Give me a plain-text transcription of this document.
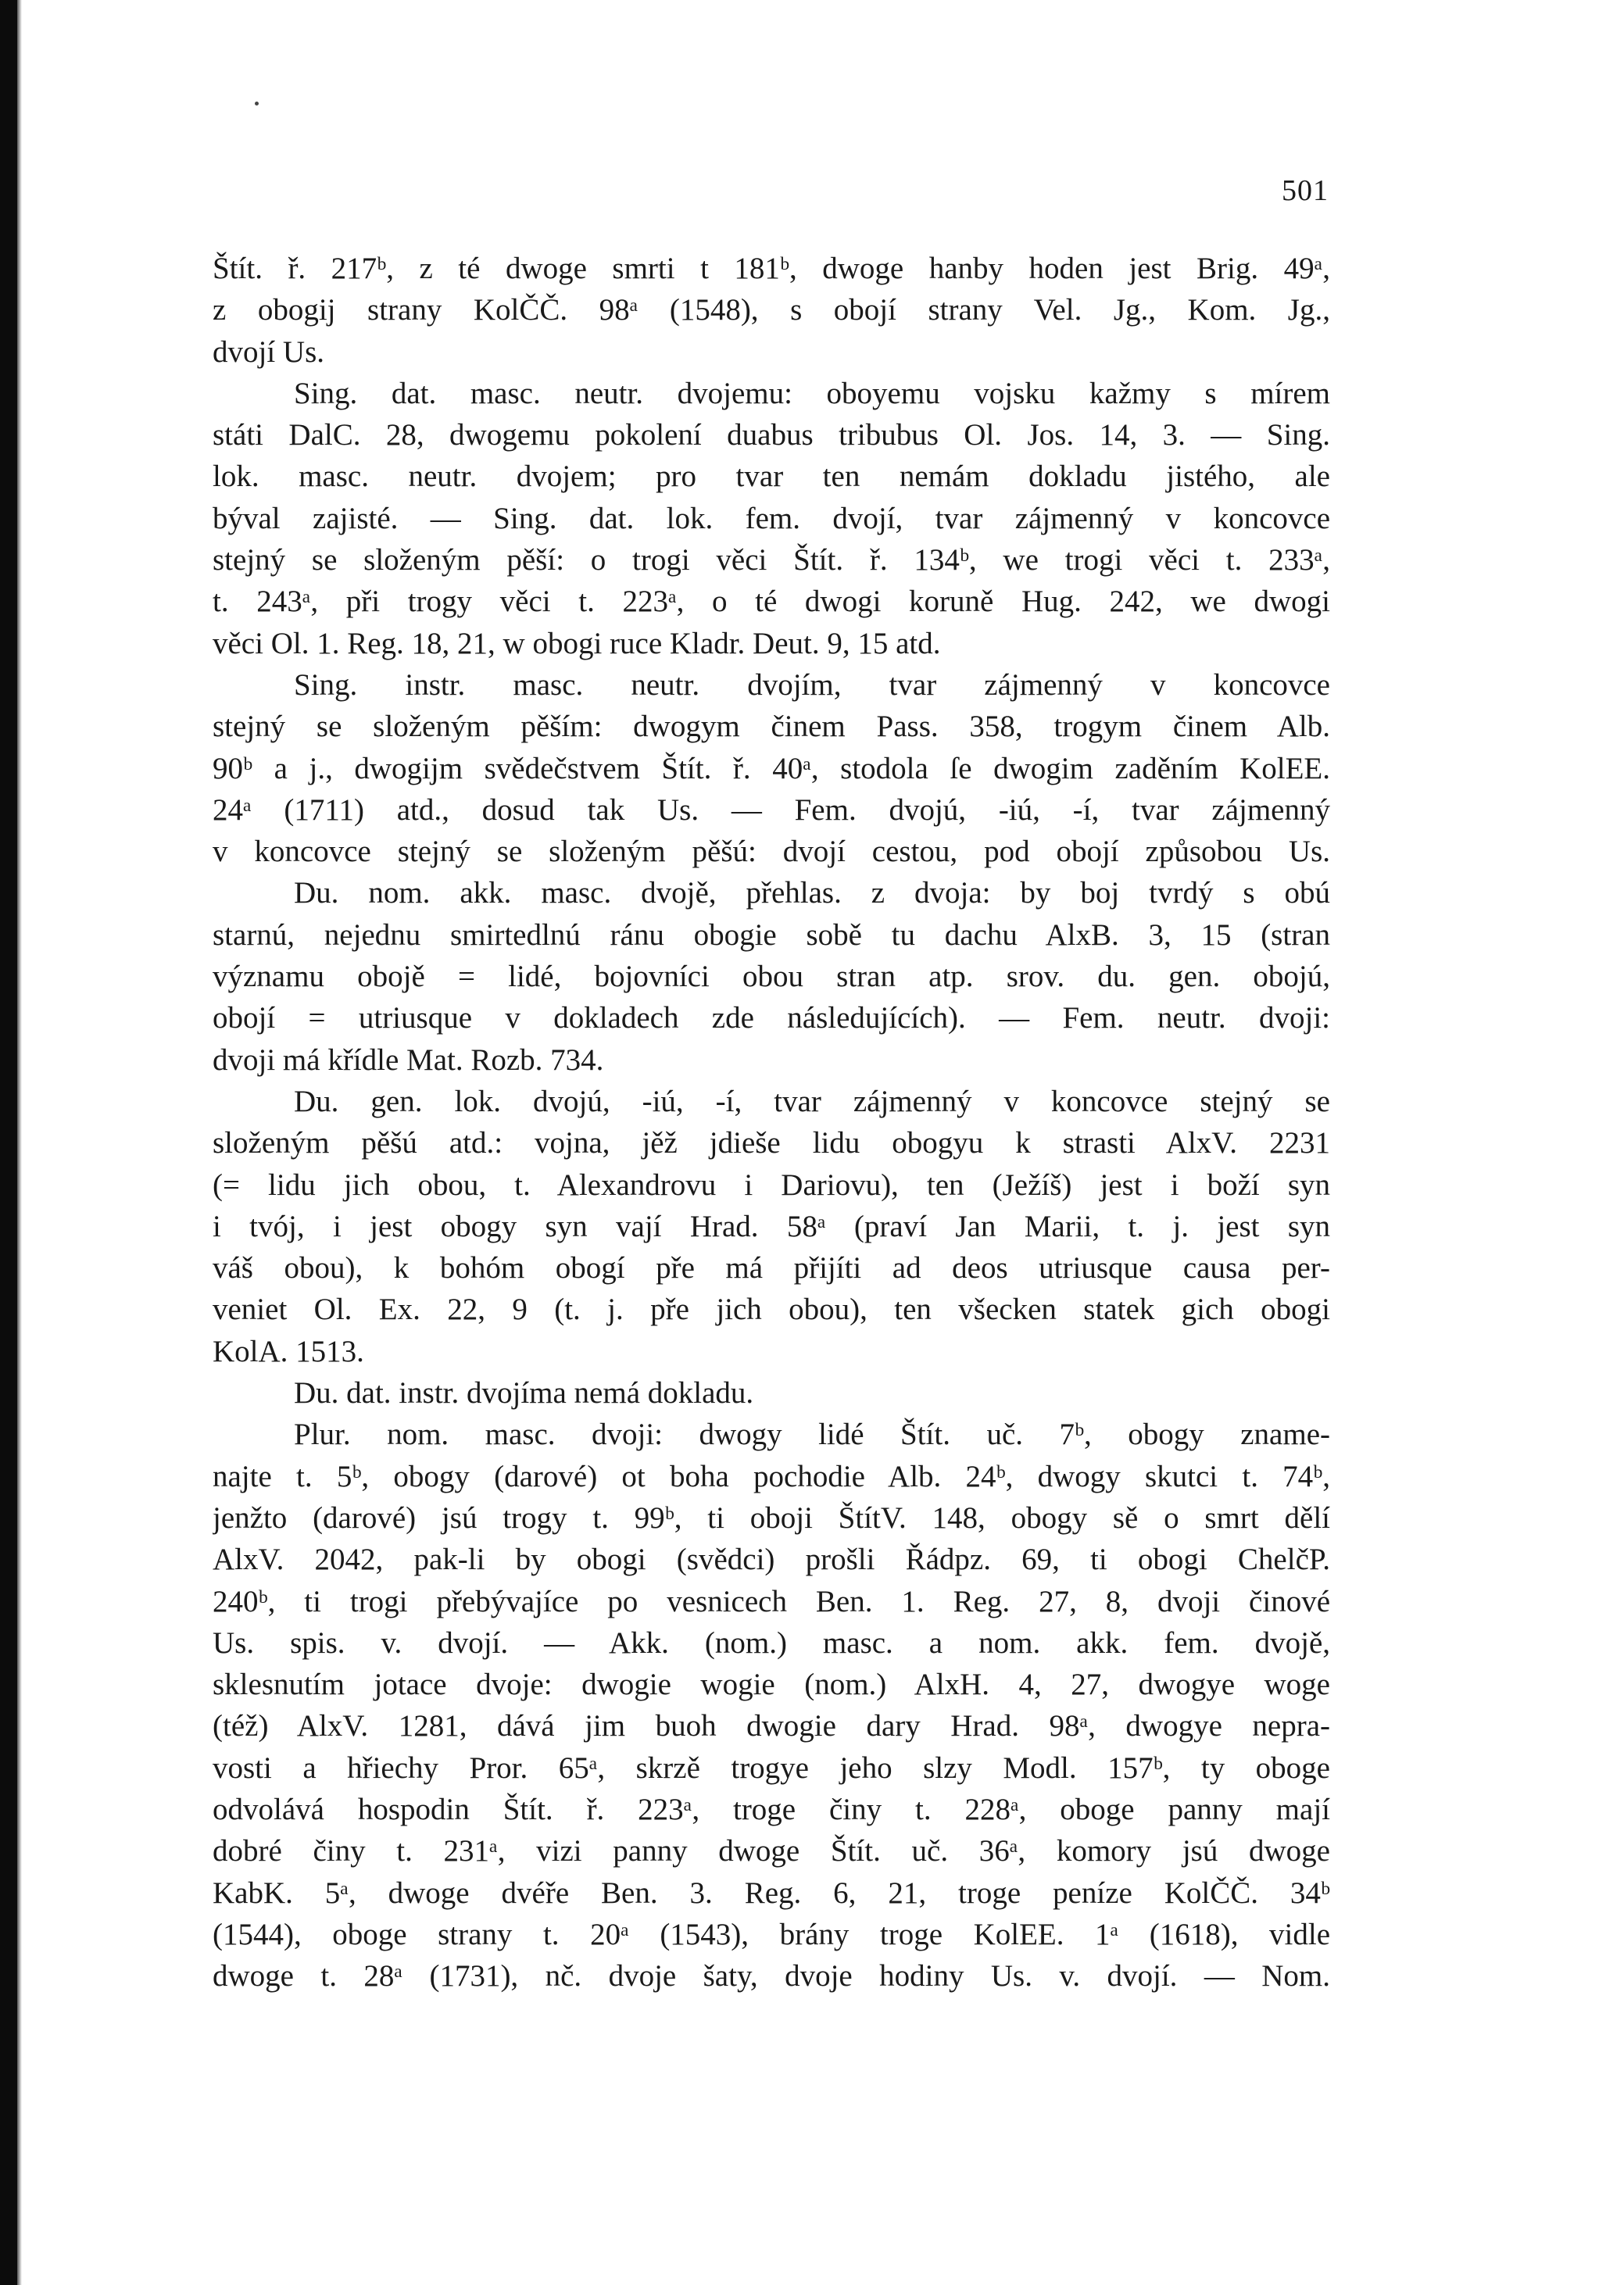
501
Štít. ř. 217ᵇ, z té dwoge smrti t 181ᵇ, dwoge hanby hoden jest Brig. 49ᵃ,
z obogij strany KolČČ. 98ᵃ (1548), s obojí strany Vel. Jg., Kom. Jg.,
dvojí Us.
Sing. dat. masc. neutr. dvojemu: oboyemu vojsku kažmy s mírem
státi DalC. 28, dwogemu pokolení duabus tribubus Ol. Jos. 14, 3. — Sing.
lok. masc. neutr. dvojem; pro tvar ten nemám dokladu jistého, ale
býval zajisté. — Sing. dat. lok. fem. dvojí, tvar zájmenný v koncovce
stejný se složeným pěší: o trogi věci Štít. ř. 134ᵇ, we trogi věci t. 233ᵃ,
t. 243ᵃ, při trogy věci t. 223ᵃ, o té dwogi koruně Hug. 242, we dwogi
věci Ol. 1. Reg. 18, 21, w obogi ruce Kladr. Deut. 9, 15 atd.
Sing. instr. masc. neutr. dvojím, tvar zájmenný v koncovce
stejný se složeným pěším: dwogym činem Pass. 358, trogym činem Alb.
90ᵇ a j., dwogijm svědečstvem Štít. ř. 40ᵃ, stodola ſe dwogim zaděním KolEE.
24ᵃ (1711) atd., dosud tak Us. — Fem. dvojú, -iú, -í, tvar zájmenný
v koncovce stejný se složeným pěšú: dvojí cestou, pod obojí způsobou Us.
Du. nom. akk. masc. dvojě, přehlas. z dvoja: by boj tvrdý s obú
starnú, nejednu smirtedlnú ránu obogie sobě tu dachu AlxB. 3, 15 (stran
významu obojě = lidé, bojovníci obou stran atp. srov. du. gen. obojú,
obojí = utriusque v dokladech zde následujících). — Fem. neutr. dvoji:
dvoji má křídle Mat. Rozb. 734.
Du. gen. lok. dvojú, -iú, -í, tvar zájmenný v koncovce stejný se
složeným pěšú atd.: vojna, jěž jdieše lidu obogyu k strasti AlxV. 2231
(= lidu jich obou, t. Alexandrovu i Dariovu), ten (Ježíš) jest i boží syn
i tvój, i jest obogy syn vají Hrad. 58ᵃ (praví Jan Marii, t. j. jest syn
váš obou), k bohóm obogí pře má přijíti ad deos utriusque causa per-
veniet Ol. Ex. 22, 9 (t. j. pře jich obou), ten všecken statek gich obogi
KolA. 1513.
Du. dat. instr. dvojíma nemá dokladu.
Plur. nom. masc. dvoji: dwogy lidé Štít. uč. 7ᵇ, obogy zname-
najte t. 5ᵇ, obogy (darové) ot boha pochodie Alb. 24ᵇ, dwogy skutci t. 74ᵇ,
jenžto (darové) jsú trogy t. 99ᵇ, ti oboji ŠtítV. 148, obogy sě o smrt dělí
AlxV. 2042, pak-li by obogi (svědci) prošli Řádpz. 69, ti obogi ChelčP.
240ᵇ, ti trogi přebývajíce po vesnicech Ben. 1. Reg. 27, 8, dvoji činové
Us. spis. v. dvojí. — Akk. (nom.) masc. a nom. akk. fem. dvojě,
sklesnutím jotace dvoje: dwogie wogie (nom.) AlxH. 4, 27, dwogye woge
(též) AlxV. 1281, dává jim buoh dwogie dary Hrad. 98ᵃ, dwogye nepra-
vosti a hřiechy Pror. 65ᵃ, skrzě trogye jeho slzy Modl. 157ᵇ, ty oboge
odvolává hospodin Štít. ř. 223ᵃ, troge činy t. 228ᵃ, oboge panny mají
dobré činy t. 231ᵃ, vizi panny dwoge Štít. uč. 36ᵃ, komory jsú dwoge
KabK. 5ᵃ, dwoge dvéře Ben. 3. Reg. 6, 21, troge peníze KolČČ. 34ᵇ
(1544), oboge strany t. 20ᵃ (1543), brány troge KolEE. 1ᵃ (1618), vidle
dwoge t. 28ᵃ (1731), nč. dvoje šaty, dvoje hodiny Us. v. dvojí. — Nom.
